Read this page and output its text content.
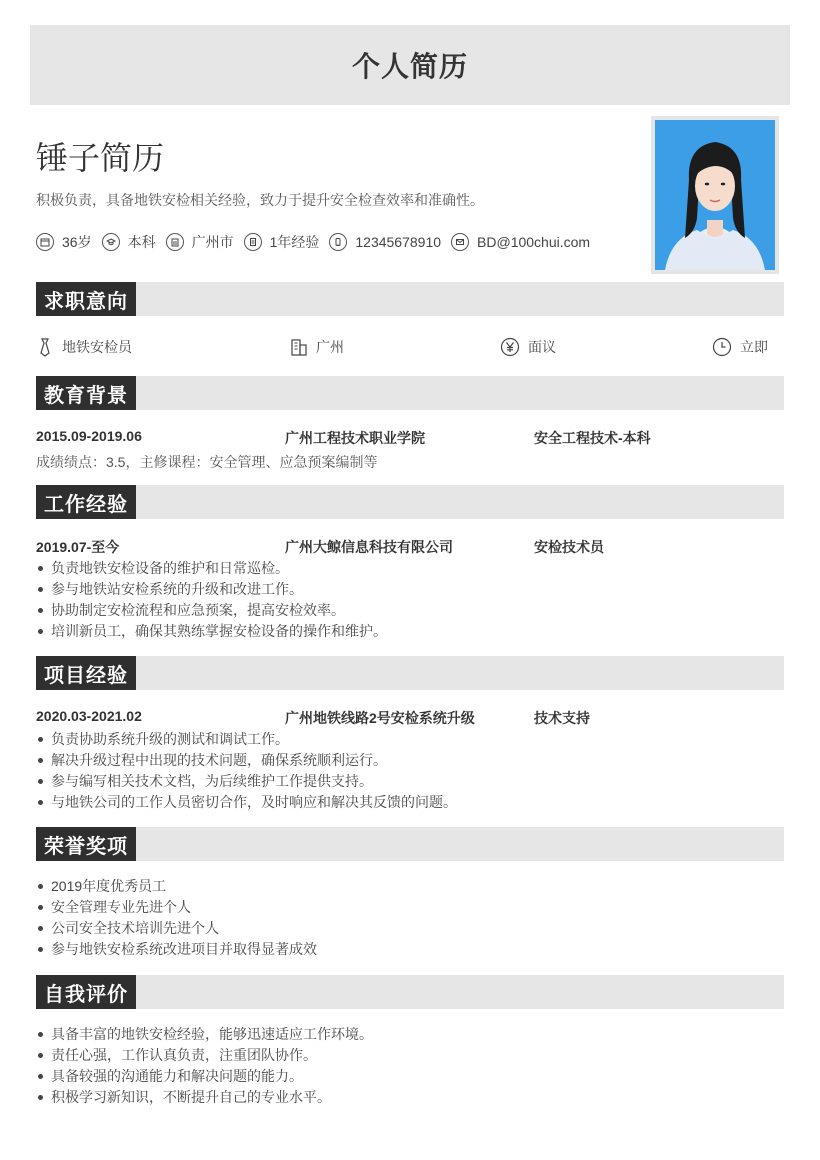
个人简历
锤子简历
积极负责，具备地铁安检相关经验，致力于提升安全检查效率和准确性。
36岁	本科	广州市	1年经验	12345678910	BD@100chui.com
求职意向
地铁安检员	广州	面议	立即
教育背景
2015.09-2019.06	广州工程技术职业学院	安全工程技术-本科
成绩绩点：3.5，主修课程：安全管理、应急预案编制等
工作经验
2019.07-至今	广州大鲸信息科技有限公司	安检技术员
负责地铁安检设备的维护和日常巡检。
参与地铁站安检系统的升级和改进工作。
协助制定安检流程和应急预案，提高安检效率。
培训新员工，确保其熟练掌握安检设备的操作和维护。
项目经验
2020.03-2021.02	广州地铁线路2号安检系统升级	技术支持
负责协助系统升级的测试和调试工作。
解决升级过程中出现的技术问题，确保系统顺利运行。
参与编写相关技术文档，为后续维护工作提供支持。
与地铁公司的工作人员密切合作，及时响应和解决其反馈的问题。
荣誉奖项
2019年度优秀员工
安全管理专业先进个人
公司安全技术培训先进个人
参与地铁安检系统改进项目并取得显著成效
自我评价
具备丰富的地铁安检经验，能够迅速适应工作环境。
责任心强，工作认真负责，注重团队协作。
具备较强的沟通能力和解决问题的能力。
积极学习新知识，不断提升自己的专业水平。
